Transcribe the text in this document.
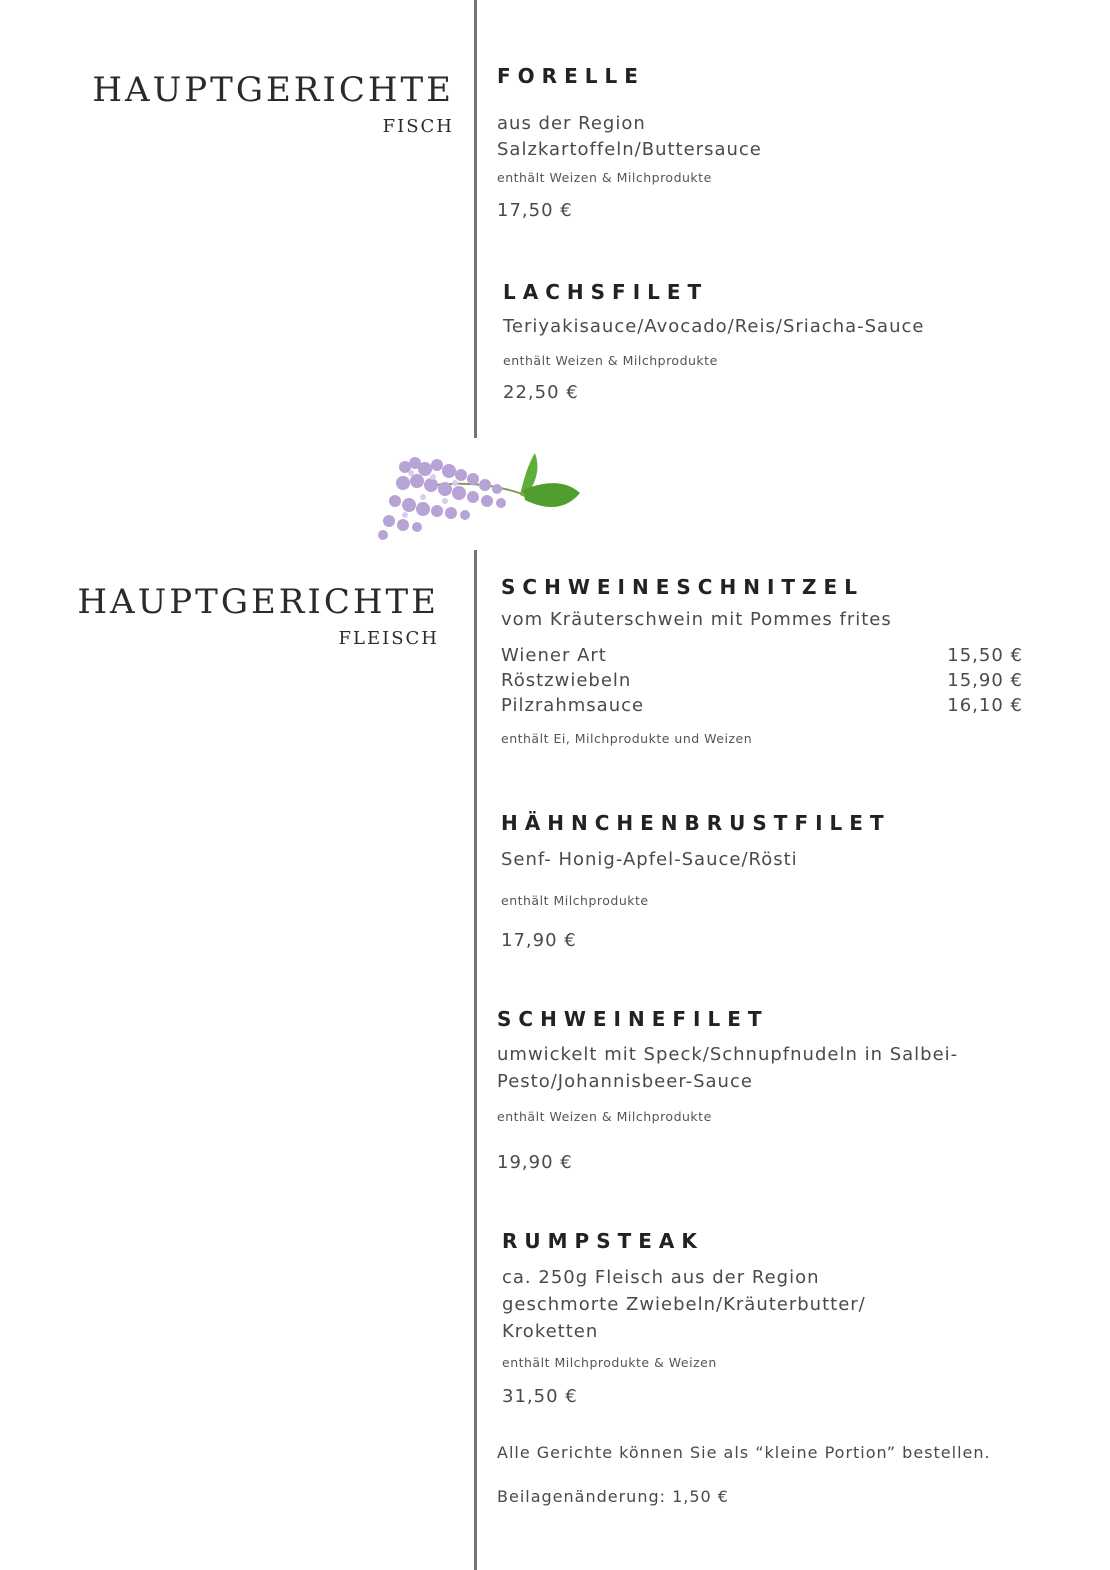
HAUPTGERICHTE
FISCH
FORELLE
aus der Region
Salzkartoffeln/Buttersauce
enthält Weizen & Milchprodukte
17,50 €
LACHSFILET
Teriyakisauce/Avocado/Reis/Sriacha-Sauce
enthält Weizen & Milchprodukte
22,50 €
HAUPTGERICHTE
FLEISCH
SCHWEINESCHNITZEL
vom Kräuterschwein mit Pommes frites
Wiener Art	15,50 €
Röstzwiebeln	15,90 €
Pilzrahmsauce	16,10 €
enthält Ei, Milchprodukte und Weizen
HÄHNCHENBRUSTFILET
Senf- Honig-Apfel-Sauce/Rösti
enthält Milchprodukte
17,90 €
SCHWEINEFILET
umwickelt mit Speck/Schnupfnudeln in Salbei-
Pesto/Johannisbeer-Sauce
enthält Weizen & Milchprodukte
19,90 €
RUMPSTEAK
ca. 250g Fleisch aus der Region
geschmorte Zwiebeln/Kräuterbutter/
Kroketten
enthält Milchprodukte & Weizen
31,50 €
Alle Gerichte können Sie als “kleine Portion” bestellen.
Beilagenänderung: 1,50 €
